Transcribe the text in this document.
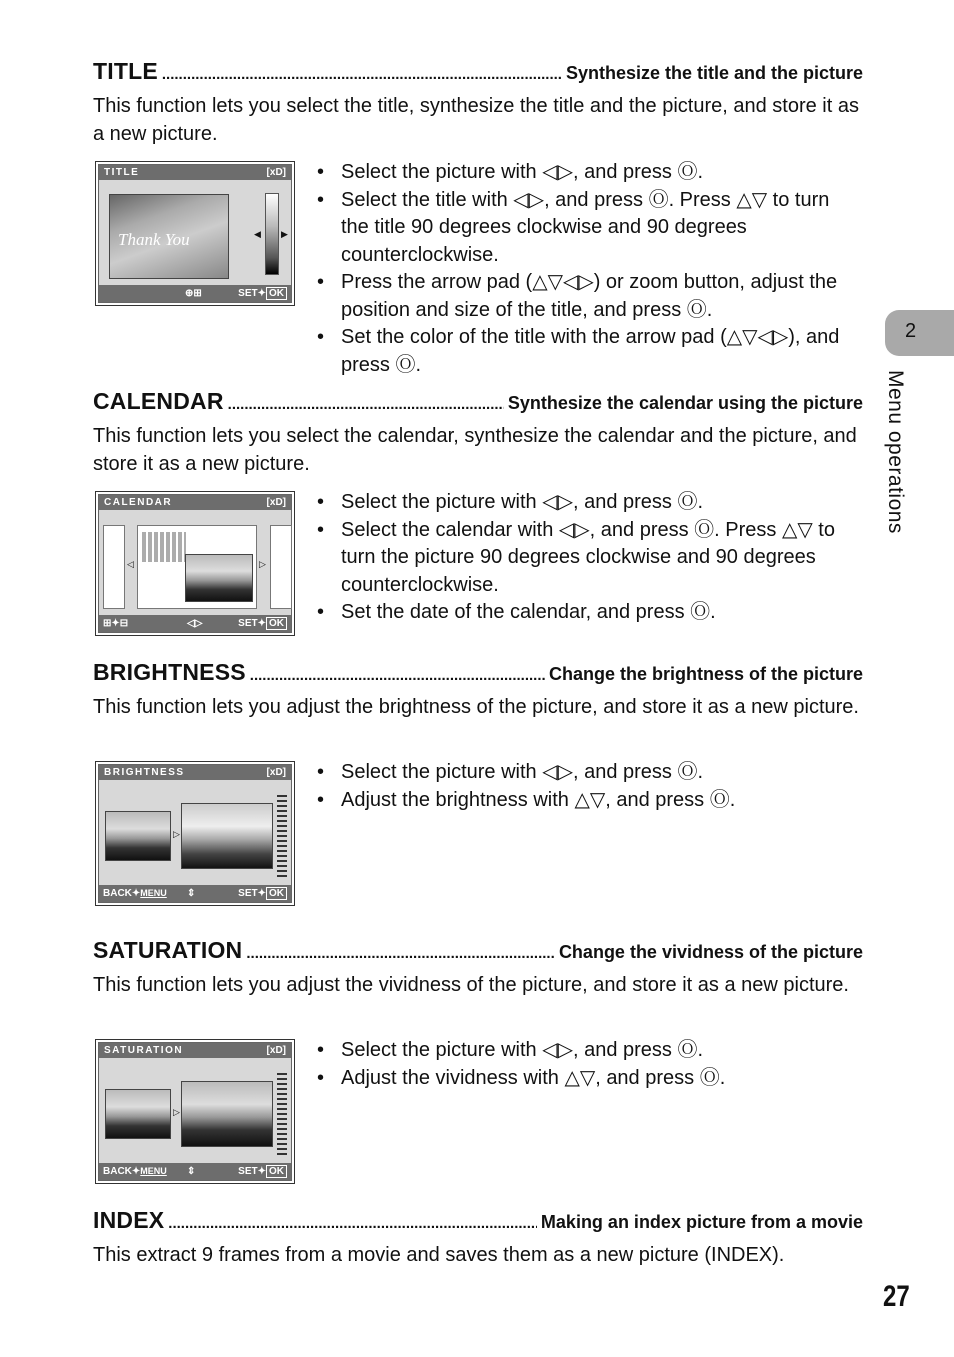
TITLE .....	Synthesize the title and the picture
This function lets you select the title, synthesize the title and the picture, and store it as a new picture.
TITLE	[xD]
Thank You	◀ ▶
⊕⊞	SET✦ OK
• Select the picture with ◁▷, and press Ⓞ.
• Select the title with ◁▷, and press Ⓞ. Press △▽ to turn the title 90 degrees clockwise and 90 degrees counterclockwise.
• Press the arrow pad (△▽◁▷) or zoom button, adjust the position and size of the title, and press Ⓞ.
• Set the color of the title with the arrow pad (△▽◁▷), and press Ⓞ.
CALENDAR .....	Synthesize the calendar using the picture
This function lets you select the calendar, synthesize the calendar and the picture, and store it as a new picture.
CALENDAR	[xD]
◁	▷
⊞✦⊟	◁▷	SET✦ OK
• Select the picture with ◁▷, and press Ⓞ.
• Select the calendar with ◁▷, and press Ⓞ. Press △▽ to turn the picture 90 degrees clockwise and 90 degrees counterclockwise.
• Set the date of the calendar, and press Ⓞ.
BRIGHTNESS .....	Change the brightness of the picture
This function lets you adjust the brightness of the picture, and store it as a new picture.
BRIGHTNESS	[xD]
▷
BACK✦MENU ⇕	SET✦ OK
• Select the picture with ◁▷, and press Ⓞ.
• Adjust the brightness with △▽, and press Ⓞ.
SATURATION .....	Change the vividness of the picture
This function lets you adjust the vividness of the picture, and store it as a new picture.
SATURATION	[xD]
▷
BACK✦MENU ⇕	SET✦ OK
• Select the picture with ◁▷, and press Ⓞ.
• Adjust the vividness with △▽, and press Ⓞ.
INDEX .....	Making an index picture from a movie
This extract 9 frames from a movie and saves them as a new picture (INDEX).
2
Menu operations
27
